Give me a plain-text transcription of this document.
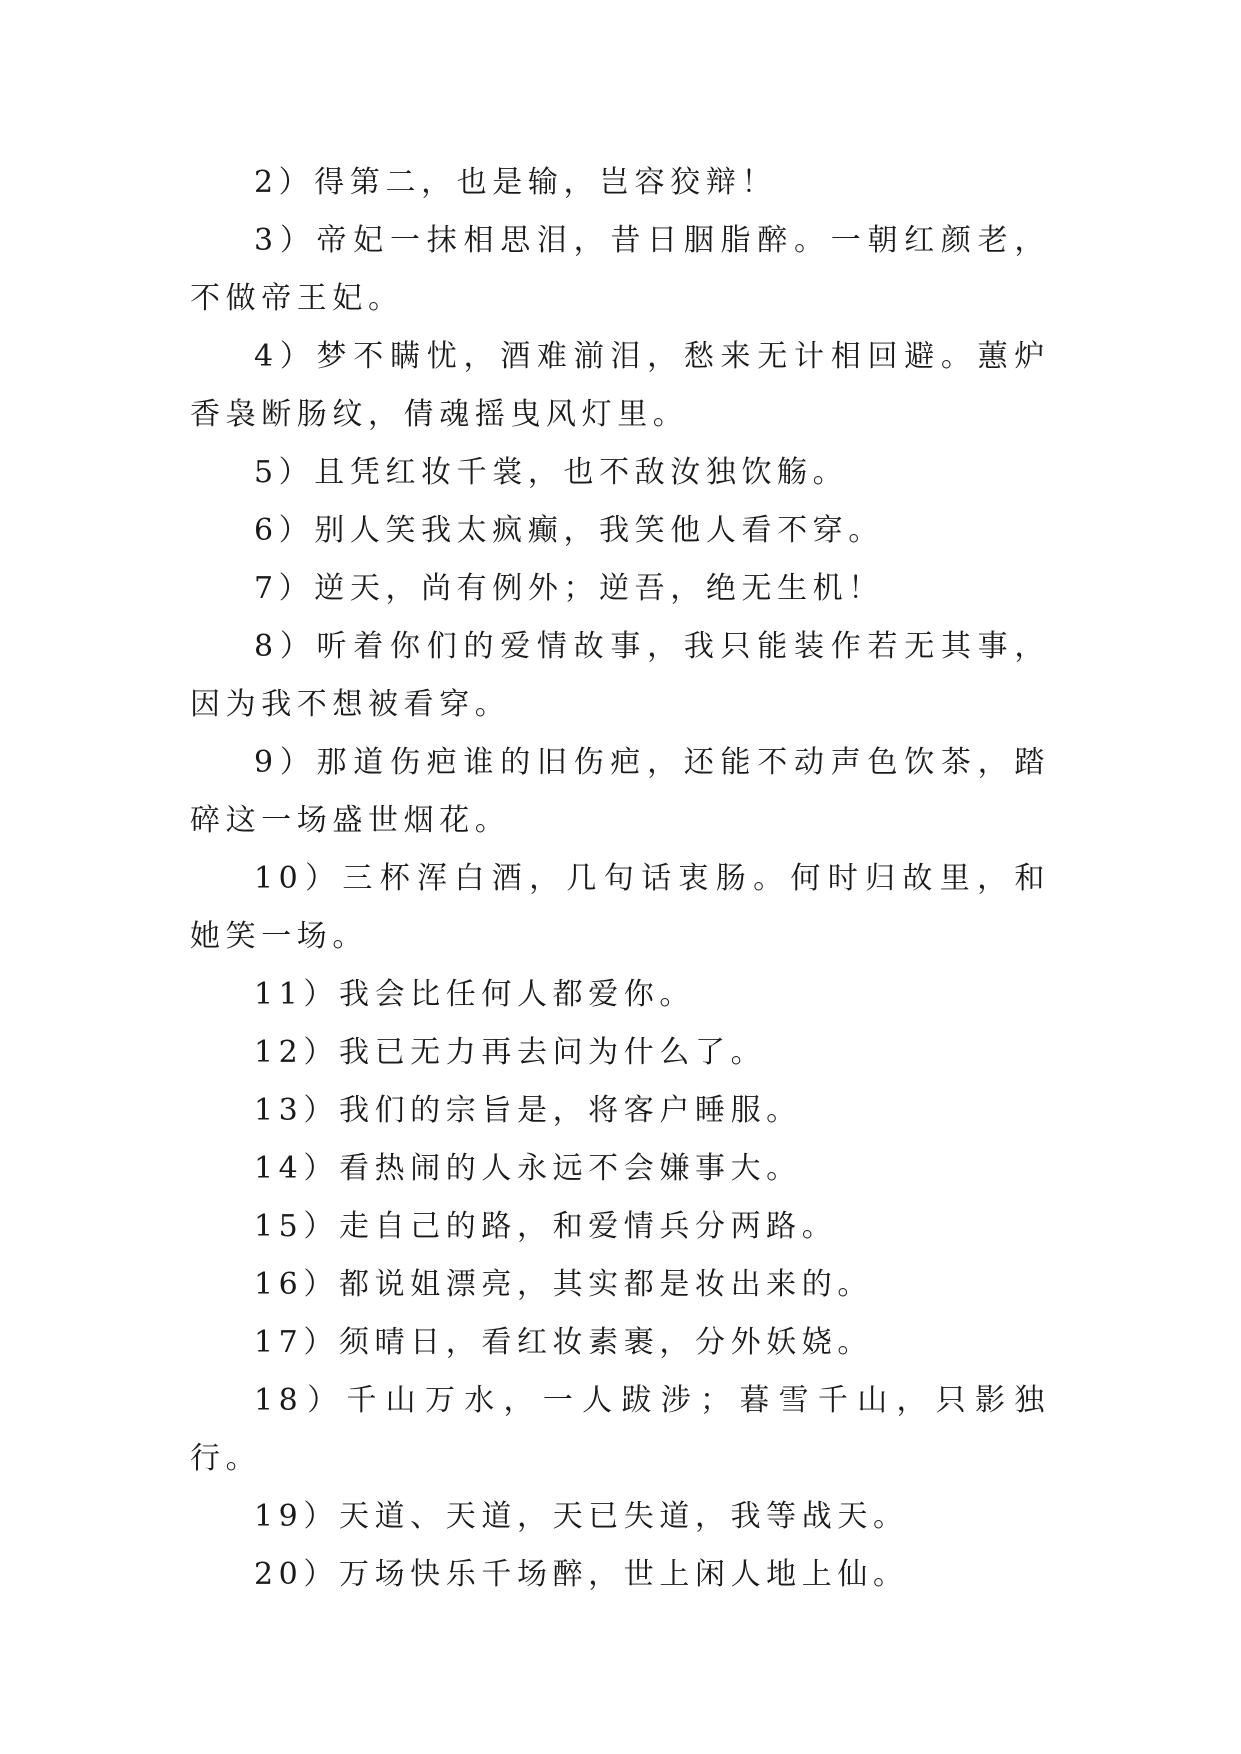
2）得第二，也是输，岂容狡辩！

3）帝妃一抹相思泪，昔日胭脂醉。一朝红颜老，不做帝王妃。

4）梦不瞒忧，酒难湔泪，愁来无计相回避。蕙炉香袅断肠纹，倩魂摇曳风灯里。

5）且凭红妆千裳，也不敌汝独饮觞。

6）别人笑我太疯癫，我笑他人看不穿。

7）逆天，尚有例外；逆吾，绝无生机！

8）听着你们的爱情故事，我只能装作若无其事，因为我不想被看穿。

9）那道伤疤谁的旧伤疤，还能不动声色饮茶，踏碎这一场盛世烟花。

10）三杯浑白酒，几句话衷肠。何时归故里，和她笑一场。

11）我会比任何人都爱你。

12）我已无力再去问为什么了。

13）我们的宗旨是，将客户睡服。

14）看热闹的人永远不会嫌事大。

15）走自己的路，和爱情兵分两路。

16）都说姐漂亮，其实都是妆出来的。

17）须晴日，看红妆素裹，分外妖娆。

18）千山万水，一人跋涉；暮雪千山，只影独行。

19）天道、天道，天已失道，我等战天。

20）万场快乐千场醉，世上闲人地上仙。
